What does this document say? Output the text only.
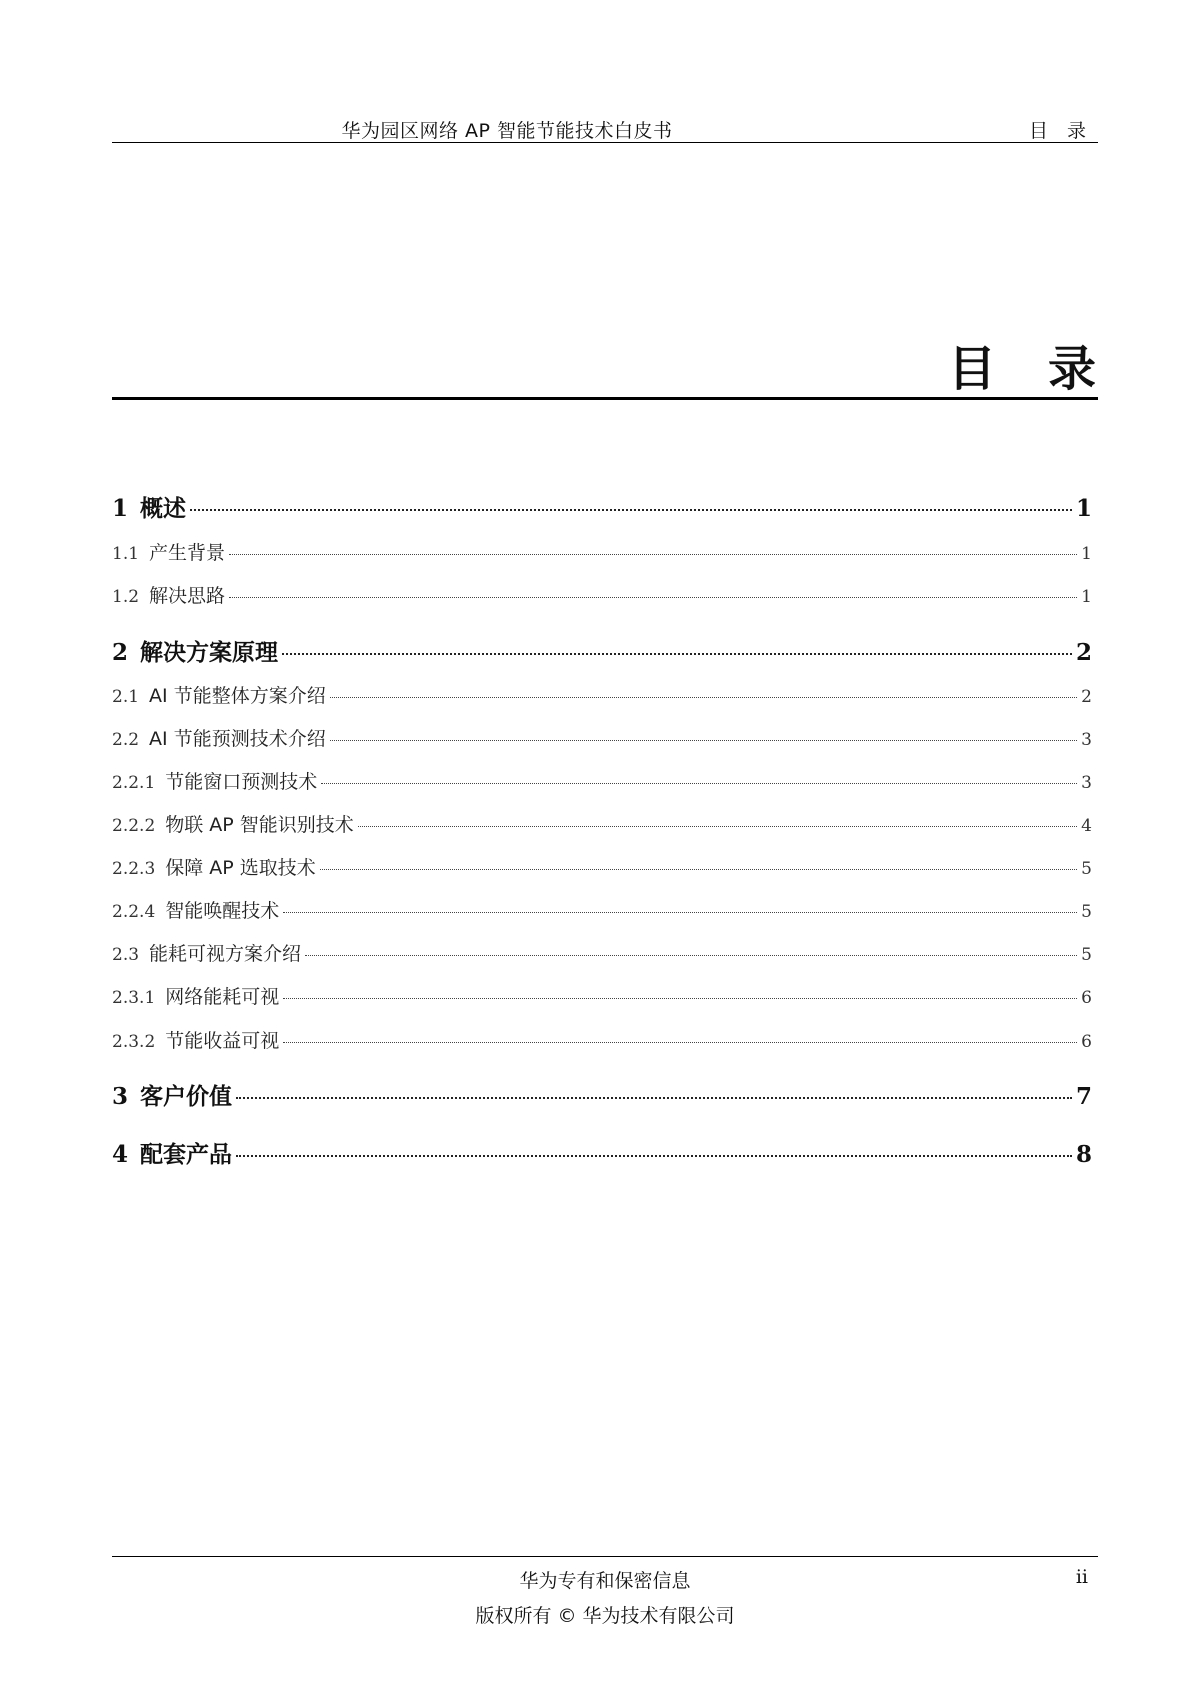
华为园区网络 AP 智能节能技术白皮书	目　录
目　录
1 概述	1
1.1 产生背景	1
1.2 解决思路	1
2 解决方案原理	2
2.1 AI 节能整体方案介绍	2
2.2 AI 节能预测技术介绍	3
2.2.1 节能窗口预测技术	3
2.2.2 物联 AP 智能识别技术	4
2.2.3 保障 AP 选取技术	5
2.2.4 智能唤醒技术	5
2.3 能耗可视方案介绍	5
2.3.1 网络能耗可视	6
2.3.2 节能收益可视	6
3 客户价值	7
4 配套产品	8
华为专有和保密信息	ii
版权所有 © 华为技术有限公司
